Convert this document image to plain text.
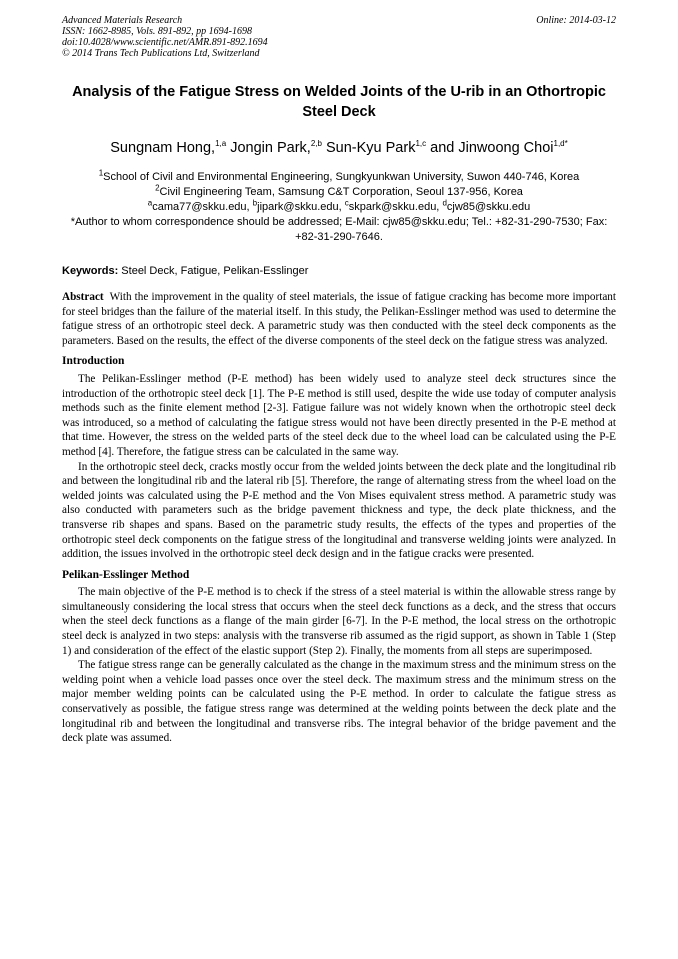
Advanced Materials Research
ISSN: 1662-8985, Vols. 891-892, pp 1694-1698
doi:10.4028/www.scientific.net/AMR.891-892.1694
© 2014 Trans Tech Publications Ltd, Switzerland
Online: 2014-03-12
Analysis of the Fatigue Stress on Welded Joints of the U-rib in an Othortropic Steel Deck
Sungnam Hong,$^{1,a}$ Jongin Park,$^{2,b}$ Sun-Kyu Park$^{1,c}$ and Jinwoong Choi$^{1,d*}$
$^1$School of Civil and Environmental Engineering, Sungkyunkwan University, Suwon 440-746, Korea
$^2$Civil Engineering Team, Samsung C&T Corporation, Seoul 137-956, Korea
$^a$cama77@skku.edu, $^b$jipark@skku.edu, $^c$skpark@skku.edu, $^d$cjw85@skku.edu
*Author to whom correspondence should be addressed; E-Mail: cjw85@skku.edu; Tel.: +82-31-290-7530; Fax: +82-31-290-7646.
Keywords: Steel Deck, Fatigue, Pelikan-Esslinger

Abstract With the improvement in the quality of steel materials, the issue of fatigue cracking has become more important for steel bridges than the failure of the material itself. In this study, the Pelikan-Esslinger method was used to determine the fatigue stress of an orthotropic steel deck. A parametric study was then conducted with the steel deck components as the parameters. Based on the results, the effect of the diverse components of the steel deck on the fatigue stress was analyzed.

Introduction

The Pelikan-Esslinger method (P-E method) has been widely used to analyze steel deck structures since the introduction of the orthotropic steel deck [1]. The P-E method is still used, despite the wide use today of computer analysis methods such as the finite element method [2-3]. Fatigue failure was not widely known when the orthotropic steel deck was introduced, so a method of calculating the fatigue stress would not have been directly presented in the P-E method at that time. However, the stress on the welded parts of the steel deck due to the wheel load can be calculated using the P-E method [4]. Therefore, the fatigue stress can be calculated in the same way.

In the orthotropic steel deck, cracks mostly occur from the welded joints between the deck plate and the longitudinal rib and between the longitudinal rib and the lateral rib [5]. Therefore, the range of alternating stress from the wheel load on the welded joints was calculated using the P-E method and the Von Mises equivalent stress method. A parametric study was also conducted with parameters such as the bridge pavement thickness and type, the deck plate thickness, and the transverse rib shapes and spans. Based on the parametric study results, the effects of the types and properties of the orthotropic steel deck components on the fatigue stress of the longitudinal and transverse welding joints were analyzed. In addition, the issues involved in the orthotropic steel deck design and in the fatigue cracks were presented.

Pelikan-Esslinger Method

The main objective of the P-E method is to check if the stress of a steel material is within the allowable stress range by simultaneously considering the local stress that occurs when the steel deck functions as a deck, and the stress that occurs when the steel deck functions as a flange of the main girder [6-7]. In the P-E method, the local stress on the orthotropic steel deck is analyzed in two steps: analysis with the transverse rib assumed as the rigid support, as shown in Table 1 (Step 1) and consideration of the effect of the elastic support (Step 2). Finally, the moments from all steps are superimposed.

The fatigue stress range can be generally calculated as the change in the maximum stress and the minimum stress on the welding point when a vehicle load passes once over the steel deck. The maximum stress and the minimum stress on the major member welding points can be calculated using the P-E method. In order to calculate the fatigue stress as conservatively as possible, the fatigue stress range was determined at the welding points between the deck plate and the longitudinal rib and between the longitudinal and transverse ribs. The integral behavior of the bridge pavement and the deck plate was assumed.
